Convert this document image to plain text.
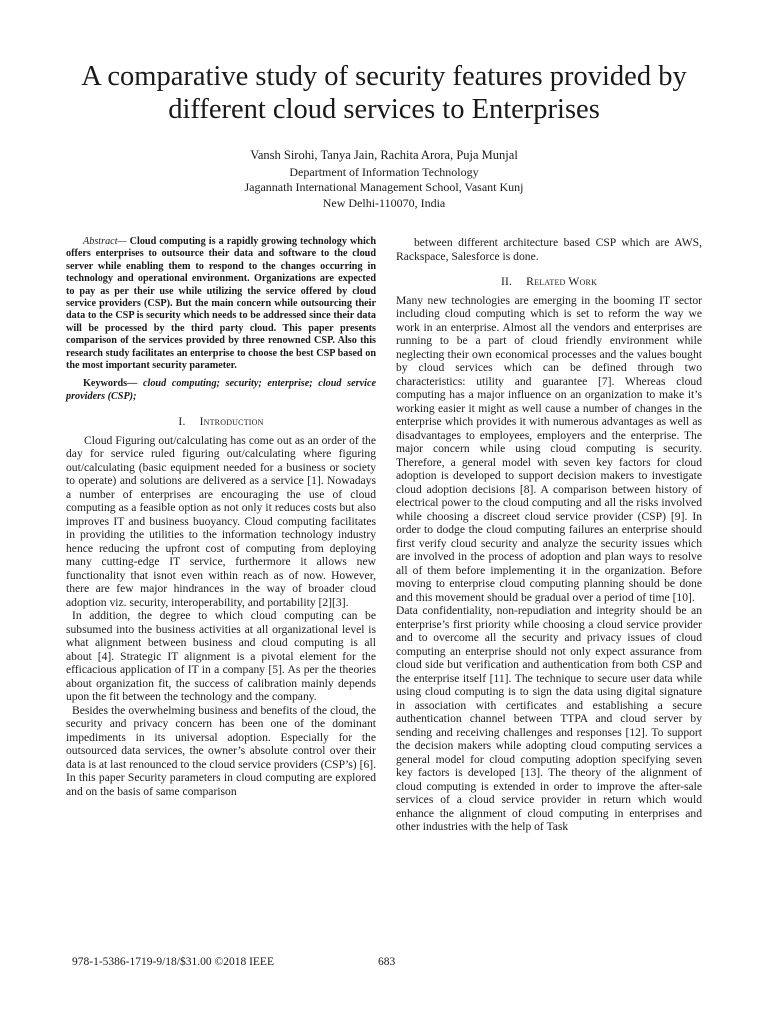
A comparative study of security features provided by different cloud services to Enterprises
Vansh Sirohi, Tanya Jain, Rachita Arora, Puja Munjal
Department of Information Technology
Jagannath International Management School, Vasant Kunj
New Delhi-110070, India

Abstract— Cloud computing is a rapidly growing technology which offers enterprises to outsource their data and software to the cloud server while enabling them to respond to the changes occurring in technology and operational environment. Organizations are expected to pay as per their use while utilizing the service offered by cloud service providers (CSP). But the main concern while outsourcing their data to the CSP is security which needs to be addressed since their data will be processed by the third party cloud. This paper presents comparison of the services provided by three renowned CSP. Also this research study facilitates an enterprise to choose the best CSP based on the most important security parameter.

Keywords— cloud computing; security; enterprise; cloud service providers (CSP);

I. Introduction

Cloud Figuring out/calculating has come out as an order of the day for service ruled figuring out/calculating where figuring out/calculating (basic equipment needed for a business or society to operate) and solutions are delivered as a service [1]. Nowadays a number of enterprises are encouraging the use of cloud computing as a feasible option as not only it reduces costs but also improves IT and business buoyancy. Cloud computing facilitates in providing the utilities to the information technology industry hence reducing the upfront cost of computing from deploying many cutting-edge IT service, furthermore it allows new functionality that isnot even within reach as of now. However, there are few major hindrances in the way of broader cloud adoption viz. security, interoperability, and portability [2][3].

In addition, the degree to which cloud computing can be subsumed into the business activities at all organizational level is what alignment between business and cloud computing is all about [4]. Strategic IT alignment is a pivotal element for the efficacious application of IT in a company [5]. As per the theories about organization fit, the success of calibration mainly depends upon the fit between the technology and the company.

Besides the overwhelming business and benefits of the cloud, the security and privacy concern has been one of the dominant impediments in its universal adoption. Especially for the outsourced data services, the owner’s absolute control over their data is at last renounced to the cloud service providers (CSP’s) [6]. In this paper Security parameters in cloud computing are explored and on the basis of same comparison

between different architecture based CSP which are AWS, Rackspace, Salesforce is done.

II. Related Work

Many new technologies are emerging in the booming IT sector including cloud computing which is set to reform the way we work in an enterprise. Almost all the vendors and enterprises are running to be a part of cloud friendly environment while neglecting their own economical processes and the values bought by cloud services which can be defined through two characteristics: utility and guarantee [7]. Whereas cloud computing has a major influence on an organization to make it’s working easier it might as well cause a number of changes in the enterprise which provides it with numerous advantages as well as disadvantages to employees, employers and the enterprise. The major concern while using cloud computing is security. Therefore, a general model with seven key factors for cloud adoption is developed to support decision makers to investigate cloud adoption decisions [8]. A comparison between history of electrical power to the cloud computing and all the risks involved while choosing a discreet cloud service provider (CSP) [9]. In order to dodge the cloud computing failures an enterprise should first verify cloud security and analyze the security issues which are involved in the process of adoption and plan ways to resolve all of them before implementing it in the organization. Before moving to enterprise cloud computing planning should be done and this movement should be gradual over a period of time [10].

Data confidentiality, non-repudiation and integrity should be an enterprise’s first priority while choosing a cloud service provider and to overcome all the security and privacy issues of cloud computing an enterprise should not only expect assurance from cloud side but verification and authentication from both CSP and the enterprise itself [11]. The technique to secure user data while using cloud computing is to sign the data using digital signature in association with certificates and establishing a secure authentication channel between TTPA and cloud server by sending and receiving challenges and responses [12]. To support the decision makers while adopting cloud computing services a general model for cloud computing adoption specifying seven key factors is developed [13]. The theory of the alignment of cloud computing is extended in order to improve the after-sale services of a cloud service provider in return which would enhance the alignment of cloud computing in enterprises and other industries with the help of Task

978-1-5386-1719-9/18/$31.00 ©2018 IEEE	683
